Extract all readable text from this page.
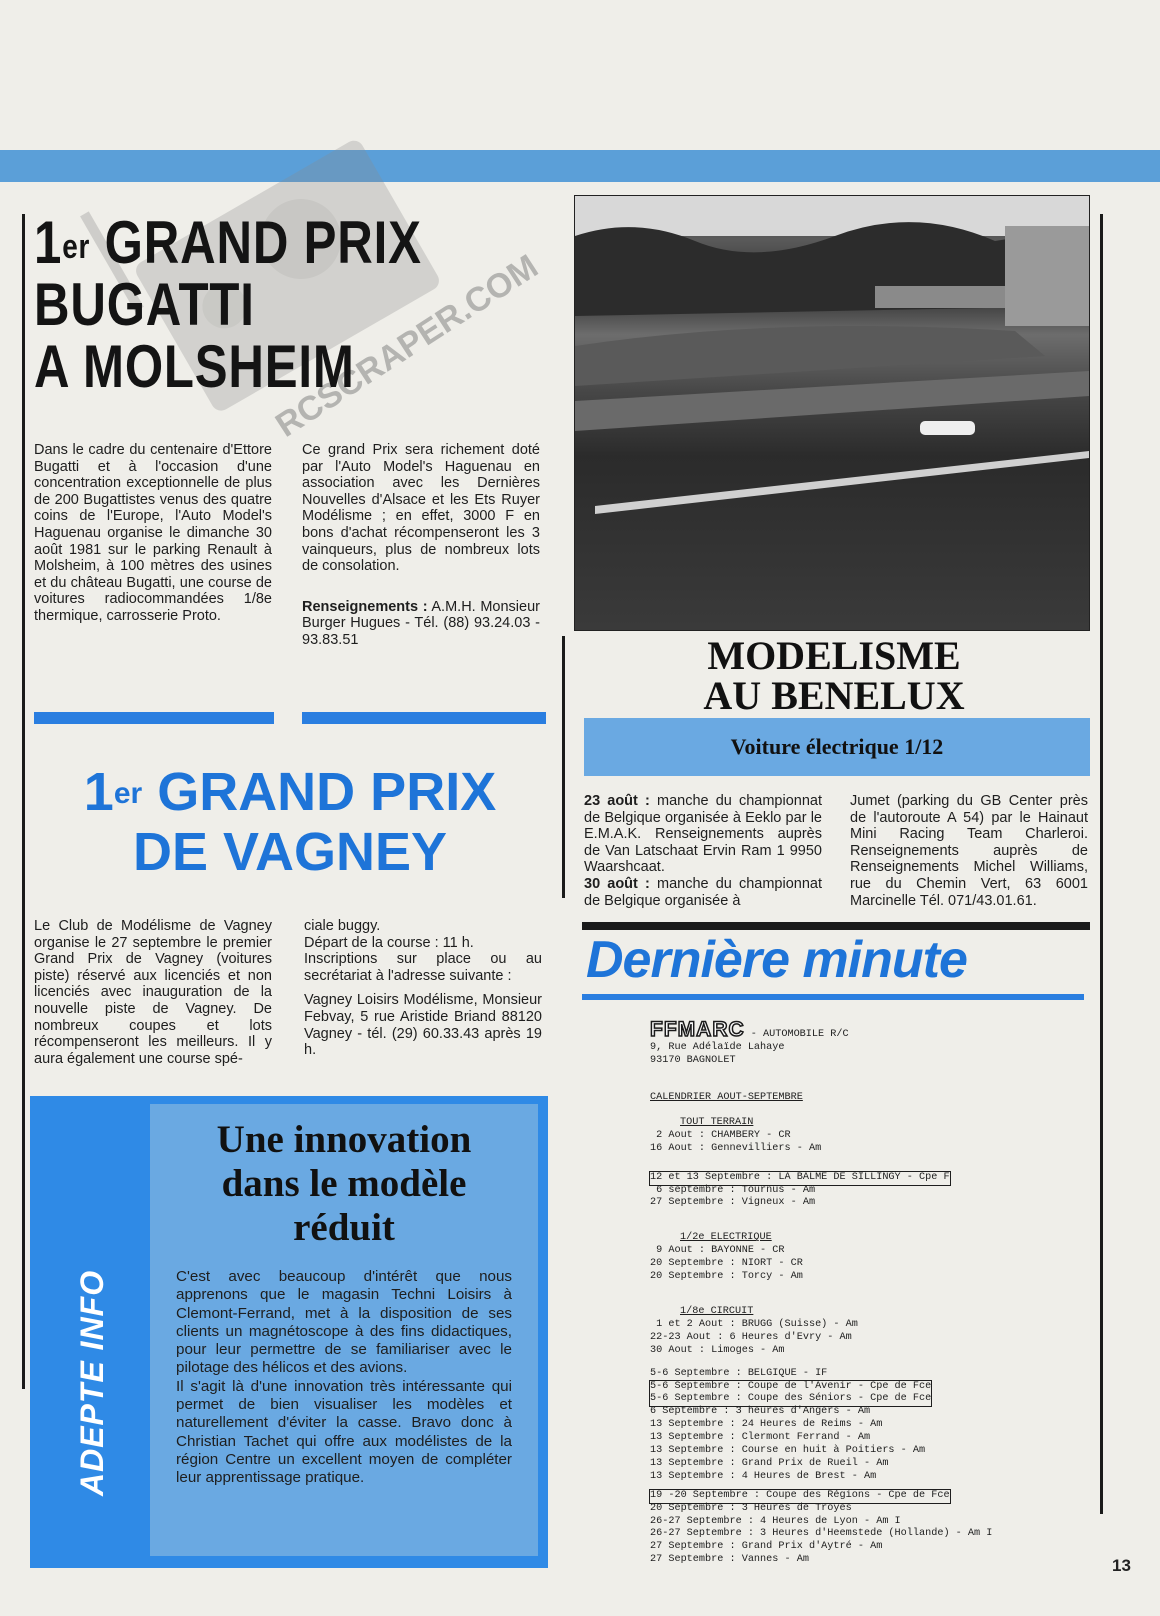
RCSCRAPER.COM
1er GRAND PRIX
BUGATTI
A MOLSHEIM
Dans le cadre du centenaire d'Ettore Bugatti et à l'occasion d'une concentration exceptionnelle de plus de 200 Bugattistes venus des quatre coins de l'Europe, l'Auto Model's Haguenau organise le dimanche 30 août 1981 sur le parking Renault à Molsheim, à 100 mètres des usines et du château Bugatti, une course de voitures radiocommandées 1/8e thermique, carrosserie Proto.
Ce grand Prix sera richement doté par l'Auto Model's Haguenau en association avec les Dernières Nouvelles d'Alsace et les Ets Ruyer Modélisme ; en effet, 3000 F en bons d'achat récompenseront les 3 vainqueurs, plus de nombreux lots de consolation.
Renseignements : A.M.H. Monsieur Burger Hugues - Tél. (88) 93.24.03 - 93.83.51
1er GRAND PRIX
DE VAGNEY
Le Club de Modélisme de Vagney organise le 27 septembre le premier Grand Prix de Vagney (voitures piste) réservé aux licenciés et non licenciés avec inauguration de la nouvelle piste de Vagney. De nombreux coupes et lots récompenseront les meilleurs. Il y aura également une course spé-
ciale buggy.
Départ de la course : 11 h.
Inscriptions sur place ou au secrétariat à l'adresse suivante :
Vagney Loisirs Modélisme, Monsieur Febvay, 5 rue Aristide Briand 88120 Vagney - tél. (29) 60.33.43 après 19 h.
MODELISME
AU BENELUX
Voiture électrique 1/12
23 août : manche du championnat de Belgique organisée à Eeklo par le E.M.A.K. Renseignements auprès de Van Latschaat Ervin Ram 1 9950 Waarshcaat.
30 août : manche du championnat de Belgique organisée à
Jumet (parking du GB Center près de l'autoroute A 54) par le Hainaut Mini Racing Team Charleroi. Renseignements auprès de Renseignements Michel Williams, rue du Chemin Vert, 63 6001 Marcinelle Tél. 071/43.01.61.
Dernière minute
FFMARC - AUTOMOBILE R/C
9, Rue Adélaïde Lahaye
93170 BAGNOLET
CALENDRIER AOUT-SEPTEMBRE
TOUT TERRAIN
2 Aout : CHAMBERY - CR
16 Aout : Gennevilliers - Am
12 et 13 Septembre : LA BALME DE SILLINGY - Cpe F
6 septembre : Tournus - Am
27 Septembre : Vigneux - Am
1/2e ELECTRIQUE
9 Aout : BAYONNE - CR
20 Septembre : NIORT - CR
20 Septembre : Torcy - Am
1/8e CIRCUIT
1 et 2 Aout : BRUGG (Suisse) - Am
22-23 Aout : 6 Heures d'Evry - Am
30 Aout : Limoges - Am
5-6 Septembre : BELGIQUE - IF
5-6 Septembre : Coupe de l'Avenir - Cpe de Fce
5-6 Septembre : Coupe des Séniors - Cpe de Fce
6 Septembre : 3 heures d'Angers - Am
13 Septembre : 24 Heures de Reims - Am
13 Septembre : Clermont Ferrand - Am
13 Septembre : Course en huit à Poitiers - Am
13 Septembre : Grand Prix de Rueil - Am
13 Septembre : 4 Heures de Brest - Am
19 -20 Septembre : Coupe des Régions - Cpe de Fce
20 Septembre : 3 Heures de Troyes
26-27 Septembre : 4 Heures de Lyon - Am I
26-27 Septembre : 3 Heures d'Heemstede (Hollande) - Am I
27 Septembre : Grand Prix d'Aytré - Am
27 Septembre : Vannes - Am
ADEPTE INFO
Une innovation
dans le modèle
réduit
C'est avec beaucoup d'intérêt que nous apprenons que le magasin Techni Loisirs à Clemont-Ferrand, met à la disposition de ses clients un magnétoscope à des fins didactiques, pour leur permettre de se familiariser avec le pilotage des hélicos et des avions.
Il s'agit là d'une innovation très intéressante qui permet de bien visualiser les modèles et naturellement d'éviter la casse. Bravo donc à Christian Tachet qui offre aux modélistes de la région Centre un excellent moyen de compléter leur apprentissage pratique.
13
